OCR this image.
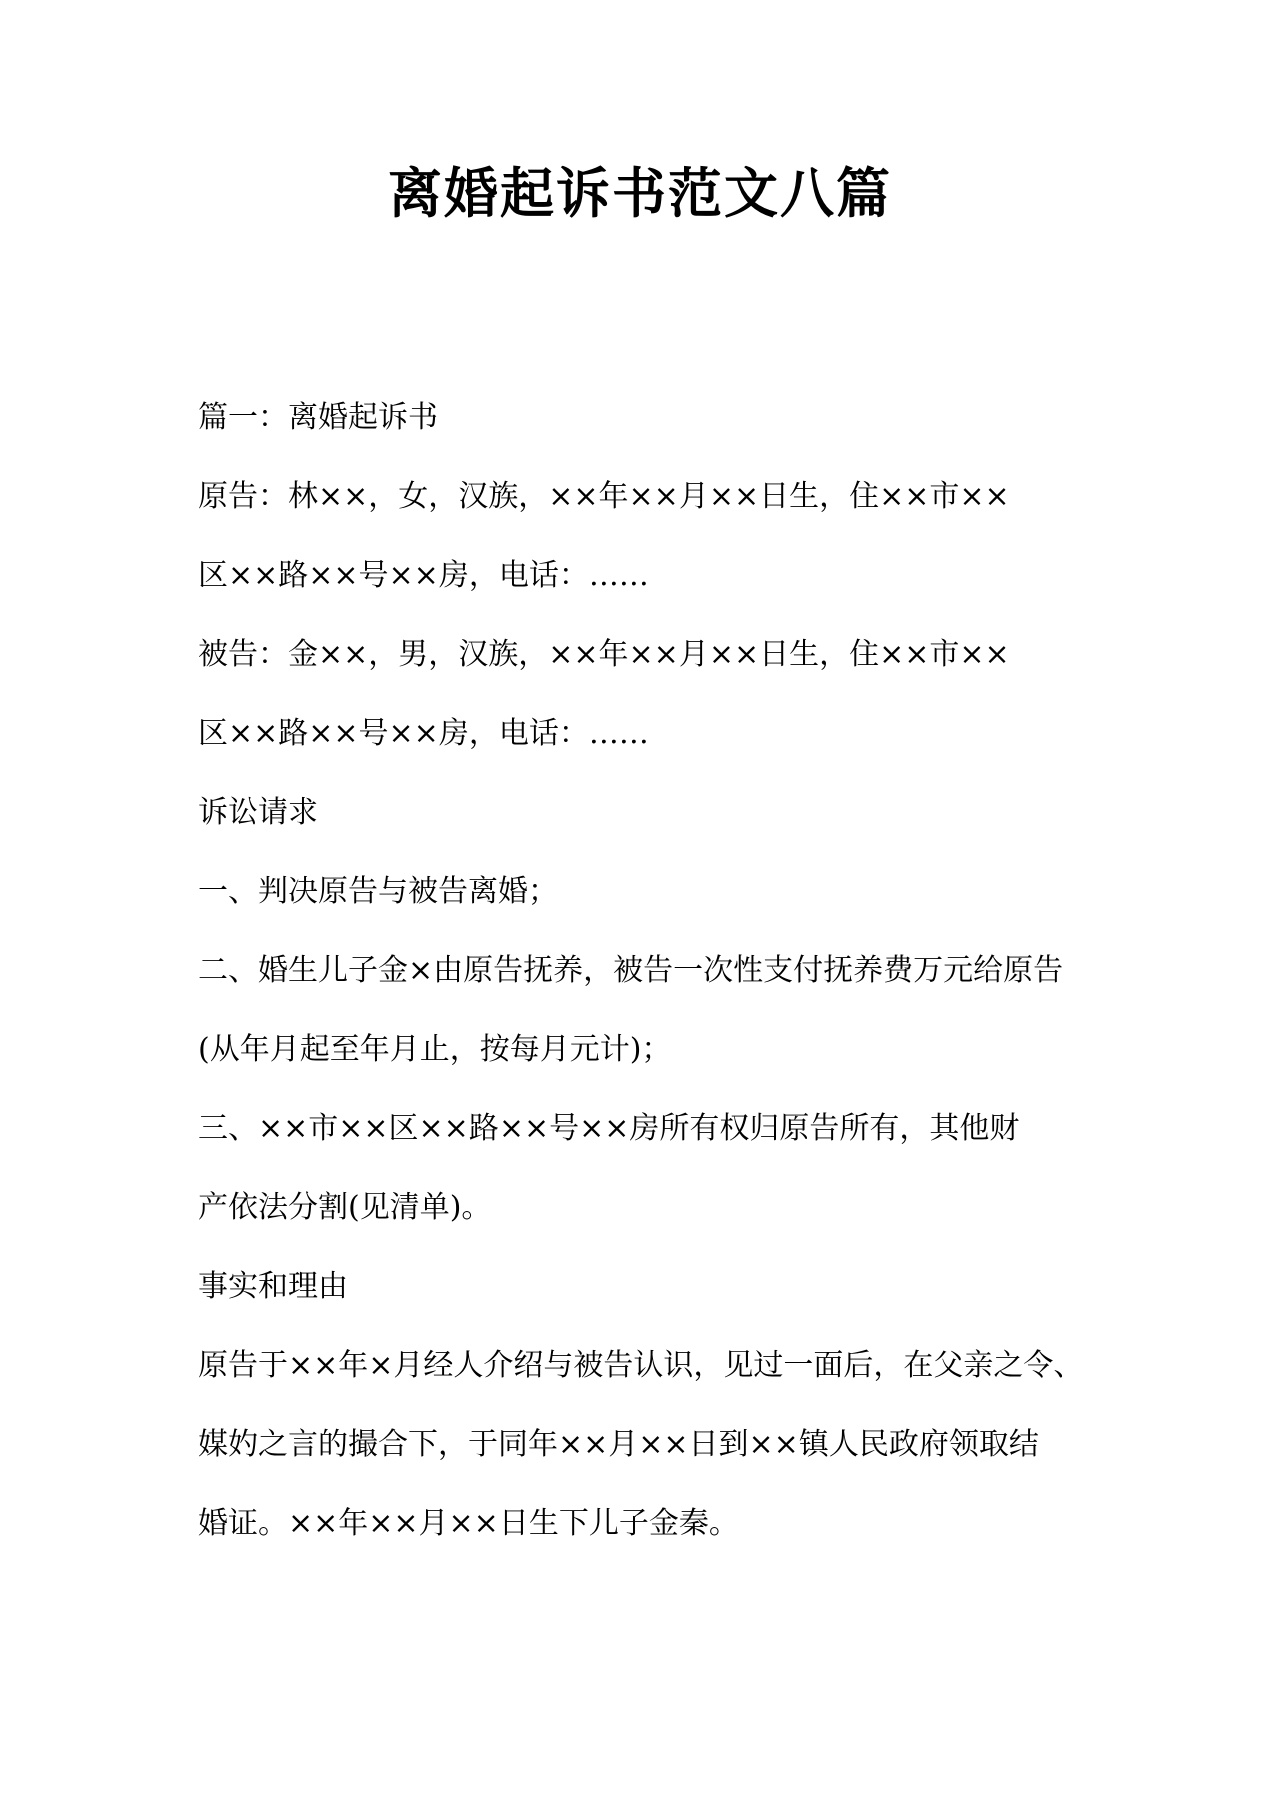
离婚起诉书范文八篇

篇一：离婚起诉书

原告：林××，女，汉族，××年××月××日生，住××市××

区××路××号××房，电话：……

被告：金××，男，汉族，××年××月××日生，住××市××

区××路××号××房，电话：……

诉讼请求

一、判决原告与被告离婚；

二、婚生儿子金×由原告抚养，被告一次性支付抚养费万元给原告

(从年月起至年月止，按每月元计)；

三、××市××区××路××号××房所有权归原告所有，其他财

产依法分割(见清单)。

事实和理由

原告于××年×月经人介绍与被告认识，见过一面后，在父亲之令、

媒妁之言的撮合下，于同年××月××日到××镇人民政府领取结

婚证。××年××月××日生下儿子金秦。
